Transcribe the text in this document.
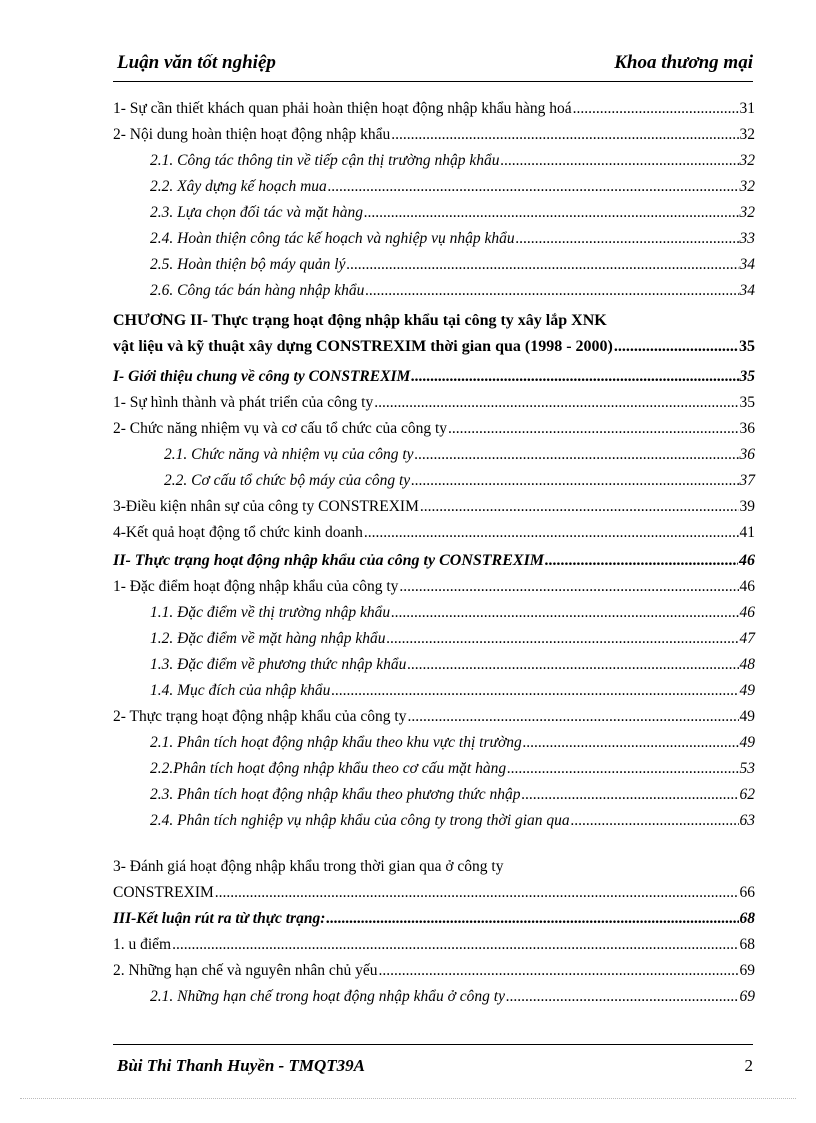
Luận văn tốt nghiệp	Khoa thương mại
1- Sự cần thiết khách quan phải hoàn thiện hoạt động nhập khẩu hàng hoá .....	31
2- Nội dung hoàn thiện hoạt động nhập khẩu .....	32
2.1. Công tác thông tin về tiếp cận thị trường nhập khẩu .....	32
2.2. Xây dựng kế hoạch mua .....	32
2.3. Lựa chọn đối tác và mặt hàng .....	32
2.4. Hoàn thiện công tác kế hoạch và nghiệp vụ nhập khẩu .....	33
2.5. Hoàn thiện bộ máy quản lý .....	34
2.6. Công tác bán hàng nhập khẩu .....	34
CHƯƠNG II- Thực trạng hoạt động nhập khẩu tại công ty xây lắp XNK
vật liệu và kỹ thuật xây dựng CONSTREXIM thời gian qua (1998 - 2000) .....	35
I- Giới thiệu chung về công ty CONSTREXIM .....	35
1- Sự hình thành và phát triển của công ty .....	35
2- Chức năng nhiệm vụ và cơ cấu tổ chức của công ty .....	36
2.1. Chức năng và nhiệm vụ của công ty .....	36
2.2. Cơ cấu tổ chức bộ máy của công ty .....	37
3-Điều kiện nhân sự của công ty CONSTREXIM .....	39
4-Kết quả hoạt động tổ chức kinh doanh .....	41
II- Thực trạng hoạt động nhập khẩu của công ty CONSTREXIM .....	46
1- Đặc điểm hoạt động nhập khẩu của công ty .....	46
1.1. Đặc điểm về thị trường nhập khẩu .....	46
1.2. Đặc điểm về mặt hàng nhập khẩu .....	47
1.3. Đặc điểm về phương thức nhập khẩu .....	48
1.4. Mục đích của nhập khẩu .....	49
2- Thực trạng hoạt động nhập khẩu của công ty .....	49
2.1. Phân tích hoạt động nhập khẩu theo khu vực thị trường .....	49
2.2.Phân tích hoạt động nhập khẩu theo cơ cấu mặt hàng .....	53
2.3. Phân tích hoạt động nhập khẩu theo phương thức nhập .....	62
2.4. Phân tích nghiệp vụ nhập khẩu của công ty trong thời gian qua .....	63
3- Đánh giá hoạt động nhập khẩu trong thời gian qua ở công ty
CONSTREXIM .....	66
III-Kết luận rút ra từ thực trạng: .....	68
1. u điểm .....	68
2. Những hạn chế và nguyên nhân chủ yếu .....	69
2.1. Những hạn chế trong hoạt động nhập khẩu ở công ty .....	69
Bùi Thi Thanh Huyền - TMQT39A	2
